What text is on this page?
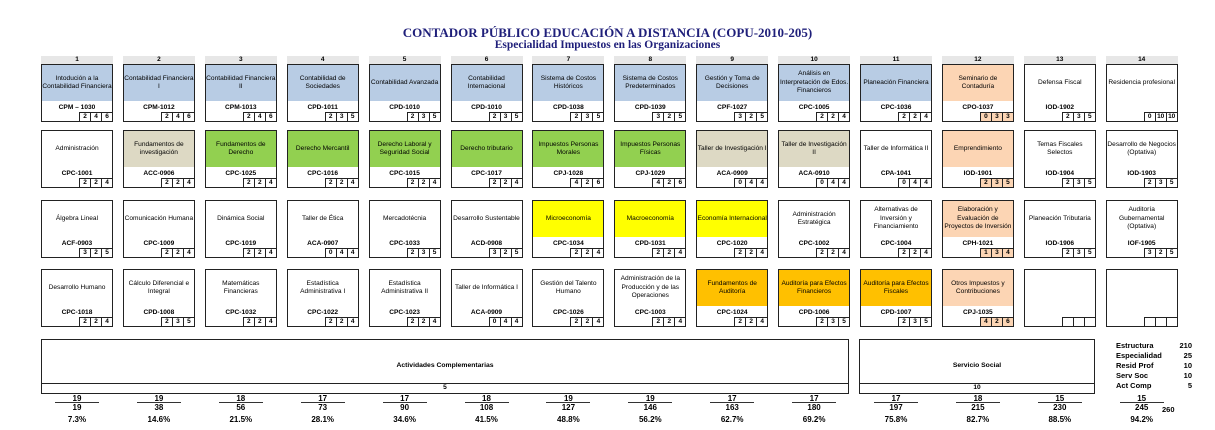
CONTADOR PÚBLICO EDUCACIÓN A DISTANCIA (COPU-2010-205)
Especialidad Impuestos en las Organizaciones
Actividades Complementarias
5
Servicio Social
10
Estructura	210
Especialidad	25
Resid Prof	10
Serv Soc	10
Act Comp	5
260
19
19
7.3%
19
38
14.6%
18
56
21.5%
17
73
28.1%
17
90
34.6%
18
108
41.5%
19
127
48.8%
19
146
56.2%
17
163
62.7%
17
180
69.2%
17
197
75.8%
18
215
82.7%
15
230
88.5%
15
245
94.2%
1	2	3	4	5	6	7	8	9	10	11	12	13	14
Intodución a la Contabilidad Financiera
CPM – 1030
2	4	6
Contabilidad Financiera I
CPM-1012
2	4	6
Contabilidad Financiera II
CPM-1013
2	4	6
Contabilidad de Sociedades
CPD-1011
2	3	5
Contabilidad Avanzada
CPD-1010
2	3	5
Contabilidad Internacional
CPD-1010
2	3	5
Sistema de Costos Históricos
CPD-1038
2	3	5
Sistema de Costos Predeterminados
CPD-1039
3	2	5
Gestión y Toma de Decisiones
CPF-1027
3	2	5
Análisis en Interpretación de Edos. Financieros
CPC-1005
2	2	4
Planeación Financiera
CPC-1036
2	2	4
Seminario de Contaduría
CPO-1037
0	3	3
Defensa Fiscal
IOD-1902
2	3	5
Residencia profesional
0 10 10
Administración
CPC-1001
2	2	4
Fundamentos de investigación
ACC-0906
2	2	4
Fundamentos de Derecho
CPC-1025
2	2	4
Derecho Mercantil
CPC-1016
2	2	4
Derecho Laboral y Seguridad Social
CPC-1015
2	2	4
Derecho tributario
CPC-1017
2	2	4
Impuestos Personas Morales
CPJ-1028
4	2	6
Impuestos Personas Físicas
CPJ-1029
4	2	6
Taller de Investigación I
ACA-0909
0	4	4
Taller de Investigación II
ACA-0910
0	4	4
Taller de Informática II
CPA-1041
0	4	4
Emprendimiento
IOD-1901
2	3	5
Temas Fiscales Selectos
IOD-1904
2	3	5
Desarrollo de Negocios (Optativa)
IOD-1903
2	3	5
Álgebra Lineal
ACF-0903
3	2	5
Comunicación Humana
CPC-1009
2	2	4
Dinámica Social
CPC-1019
2	2	4
Taller de Ética
ACA-0907
0	4	4
Mercadotécnia
CPC-1033
2	3	5
Desarrollo Sustentable
ACD-0908
3	2	5
Microeconomía
CPC-1034
2	2	4
Macroeconomía
CPD-1031
2	2	4
Economía Internacional
CPC-1020
2	2	4
Administración Estratégica
CPC-1002
2	2	4
Alternativas de Inversión y Financiamiento
CPC-1004
2	2	4
Elaboración y Evaluación de Proyectos de Inversión
CPH-1021
1	3	4
Planeación Tributaria
IOD-1906
2	3	5
Auditoría Gubernamental (Optativa)
IOF-1905
3	2	5
Desarrollo Humano
CPC-1018
2	2	4
Cálculo Diferencial e Integral
CPD-1008
2	3	5
Matemáticas Financieras
CPC-1032
2	2	4
Estadística Administrativa I
CPC-1022
2	2	4
Estadística Administrativa II
CPC-1023
2	2	4
Taller de Informática I
ACA-0909
0	4	4
Gestión del Talento Humano
CPC-1026
2	2	4
Administración de la Producción y de las Operaciones
CPC-1003
2	2	4
Fundamentos de Auditoría
CPC-1024
2	2	4
Auditoría para Efectos Financieros
CPD-1006
2	3	5
Auditoría para Efectos Fiscales
CPD-1007
2	3	5
Otros Impuestos y Contribuciones
CPJ-1035
4	2	6
